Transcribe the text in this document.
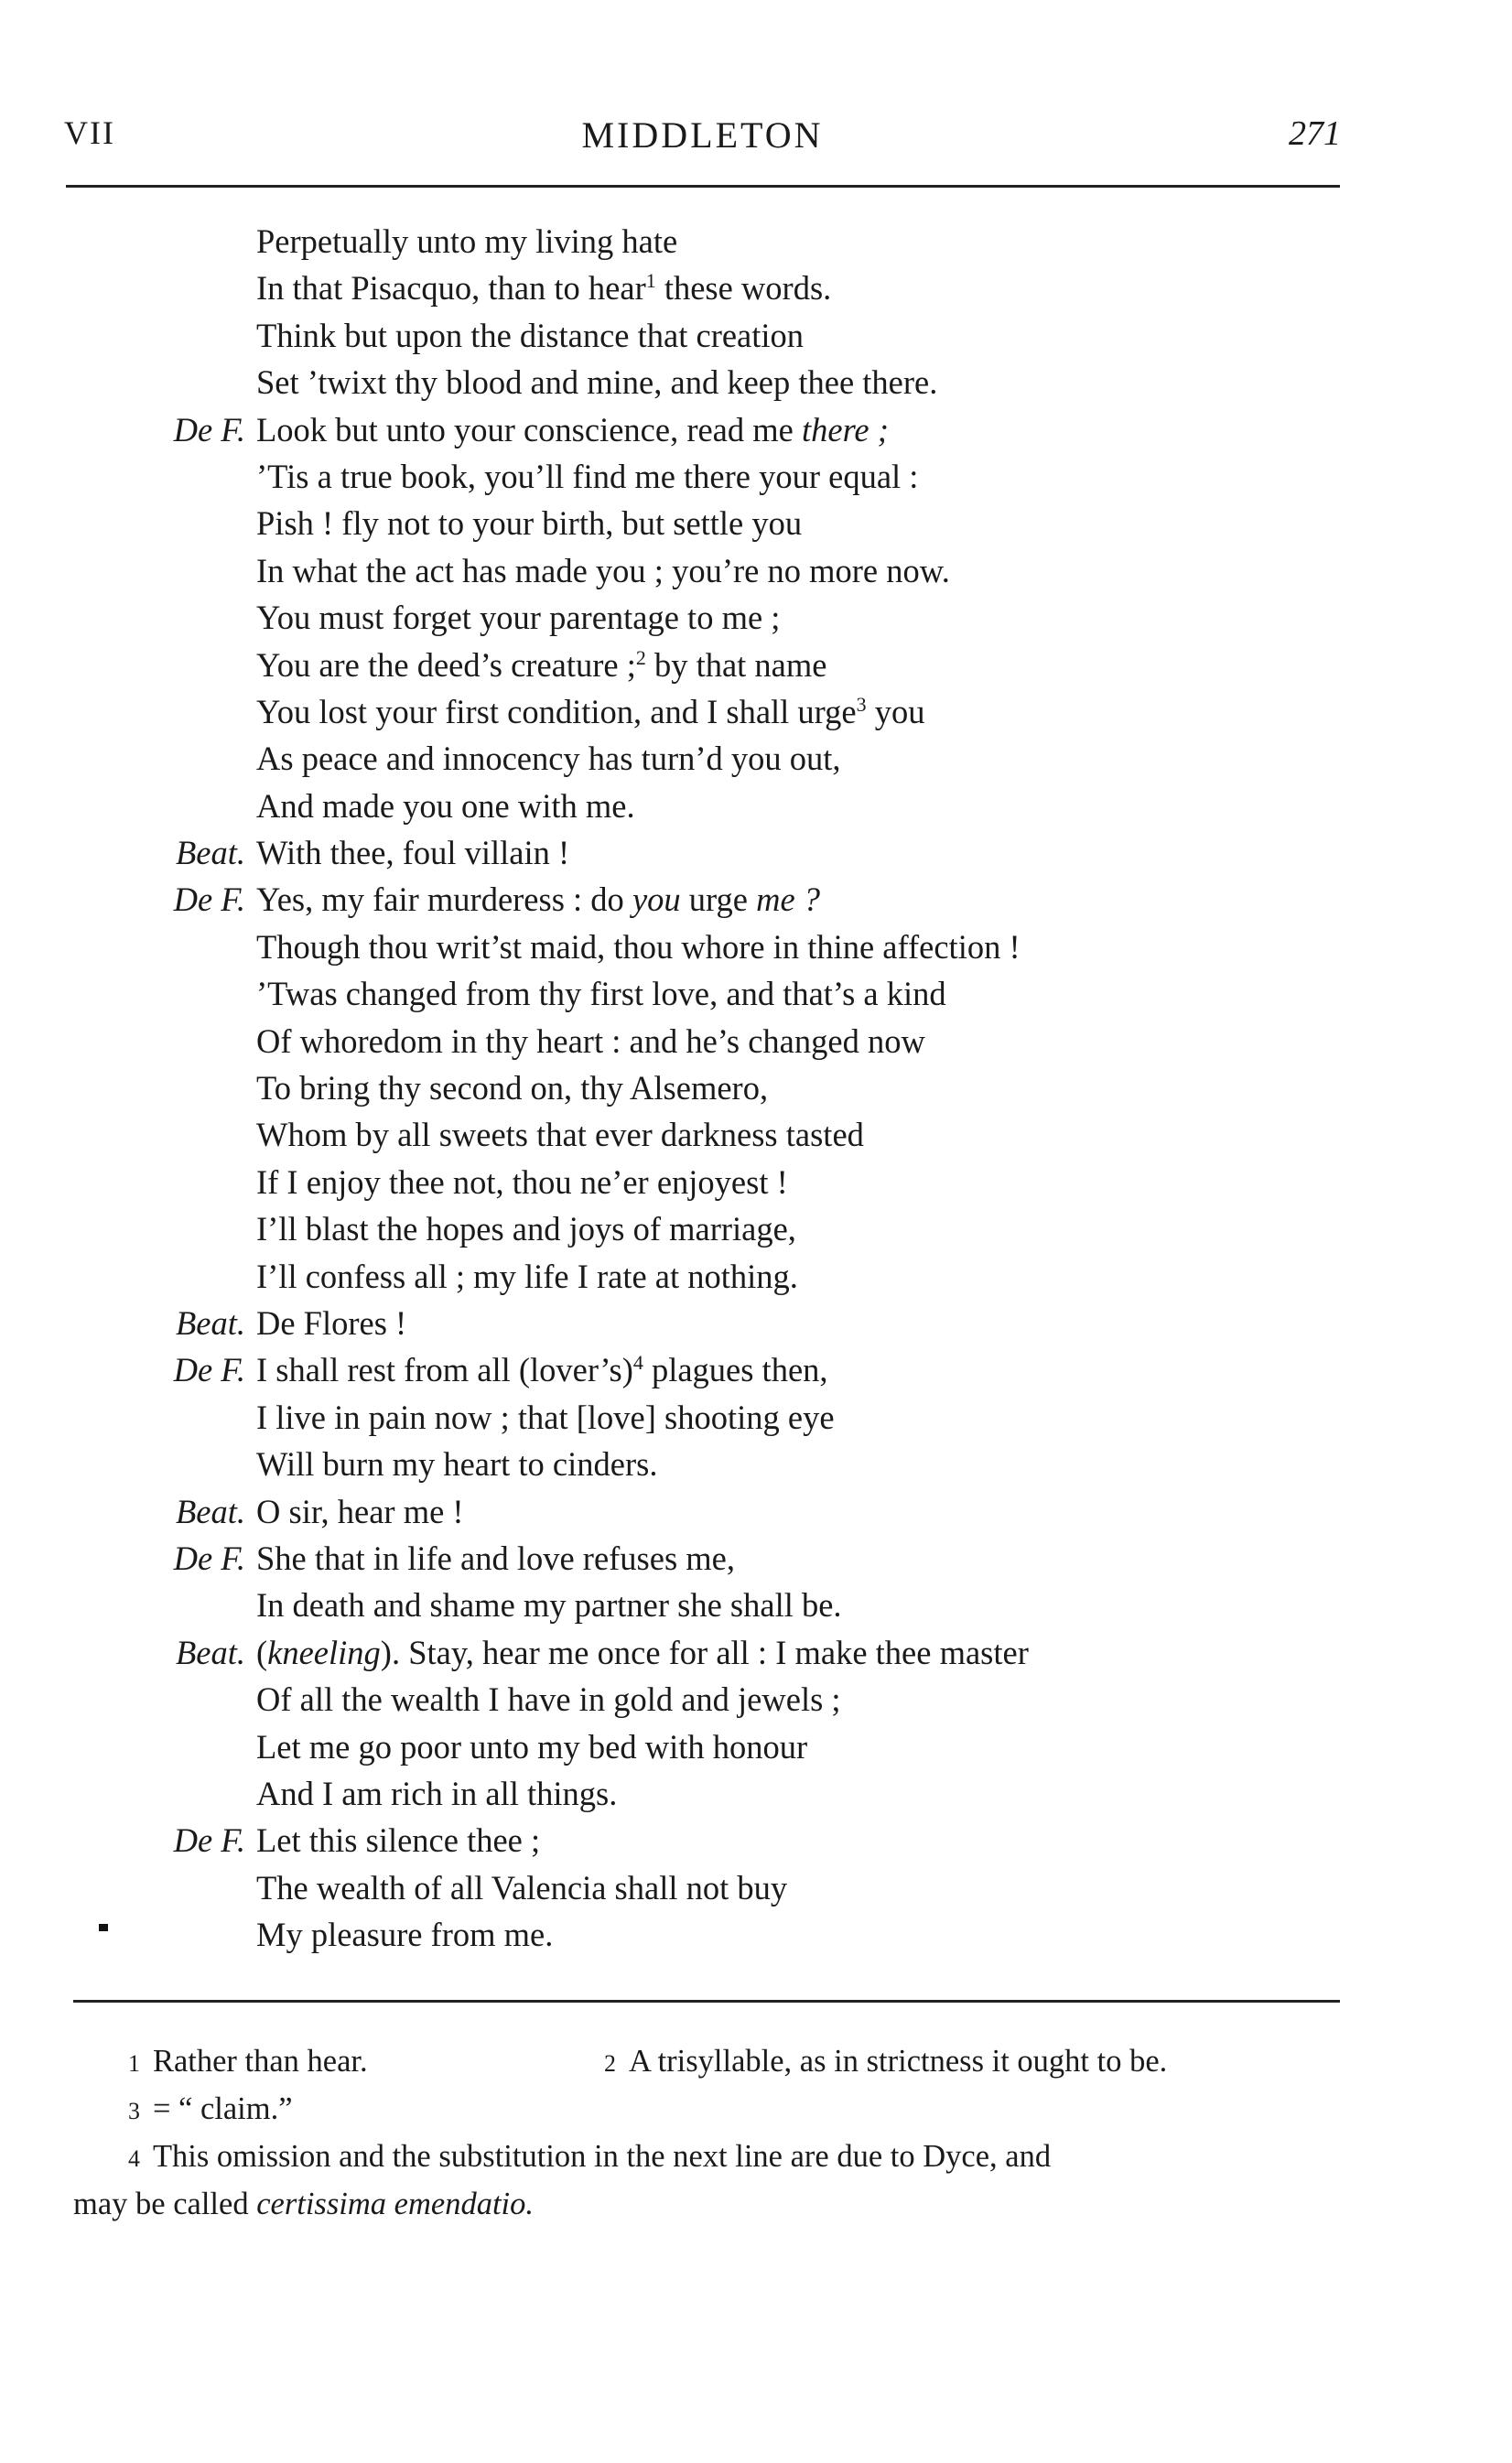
VII	MIDDLETON	271
Perpetually unto my living hate
In that Pisacquo, than to hear$^1$ these words.
Think but upon the distance that creation
Set ’twixt thy blood and mine, and keep thee there.
De F. Look but unto your conscience, read me there ;
’Tis a true book, you’ll find me there your equal :
Pish ! fly not to your birth, but settle you
In what the act has made you ; you’re no more now.
You must forget your parentage to me ;
You are the deed’s creature ;$^2$ by that name
You lost your first condition, and I shall urge$^3$ you
As peace and innocency has turn’d you out,
And made you one with me.
Beat. With thee, foul villain !
De F. Yes, my fair murderess : do you urge me ?
Though thou writ’st maid, thou whore in thine affection !
’Twas changed from thy first love, and that’s a kind
Of whoredom in thy heart : and he’s changed now
To bring thy second on, thy Alsemero,
Whom by all sweets that ever darkness tasted
If I enjoy thee not, thou ne’er enjoyest !
I’ll blast the hopes and joys of marriage,
I’ll confess all ; my life I rate at nothing.
Beat. De Flores !
De F. I shall rest from all (lover’s)$^4$ plagues then,
I live in pain now ; that [love] shooting eye
Will burn my heart to cinders.
Beat. O sir, hear me !
De F. She that in life and love refuses me,
In death and shame my partner she shall be.
Beat. (kneeling). Stay, hear me once for all : I make thee master
Of all the wealth I have in gold and jewels ;
Let me go poor unto my bed with honour
And I am rich in all things.
De F. Let this silence thee ;
The wealth of all Valencia shall not buy
My pleasure from me.
1 Rather than hear.	2 A trisyllable, as in strictness it ought to be.
3 = “ claim.”
4 This omission and the substitution in the next line are due to Dyce, and
may be called certissima emendatio.
